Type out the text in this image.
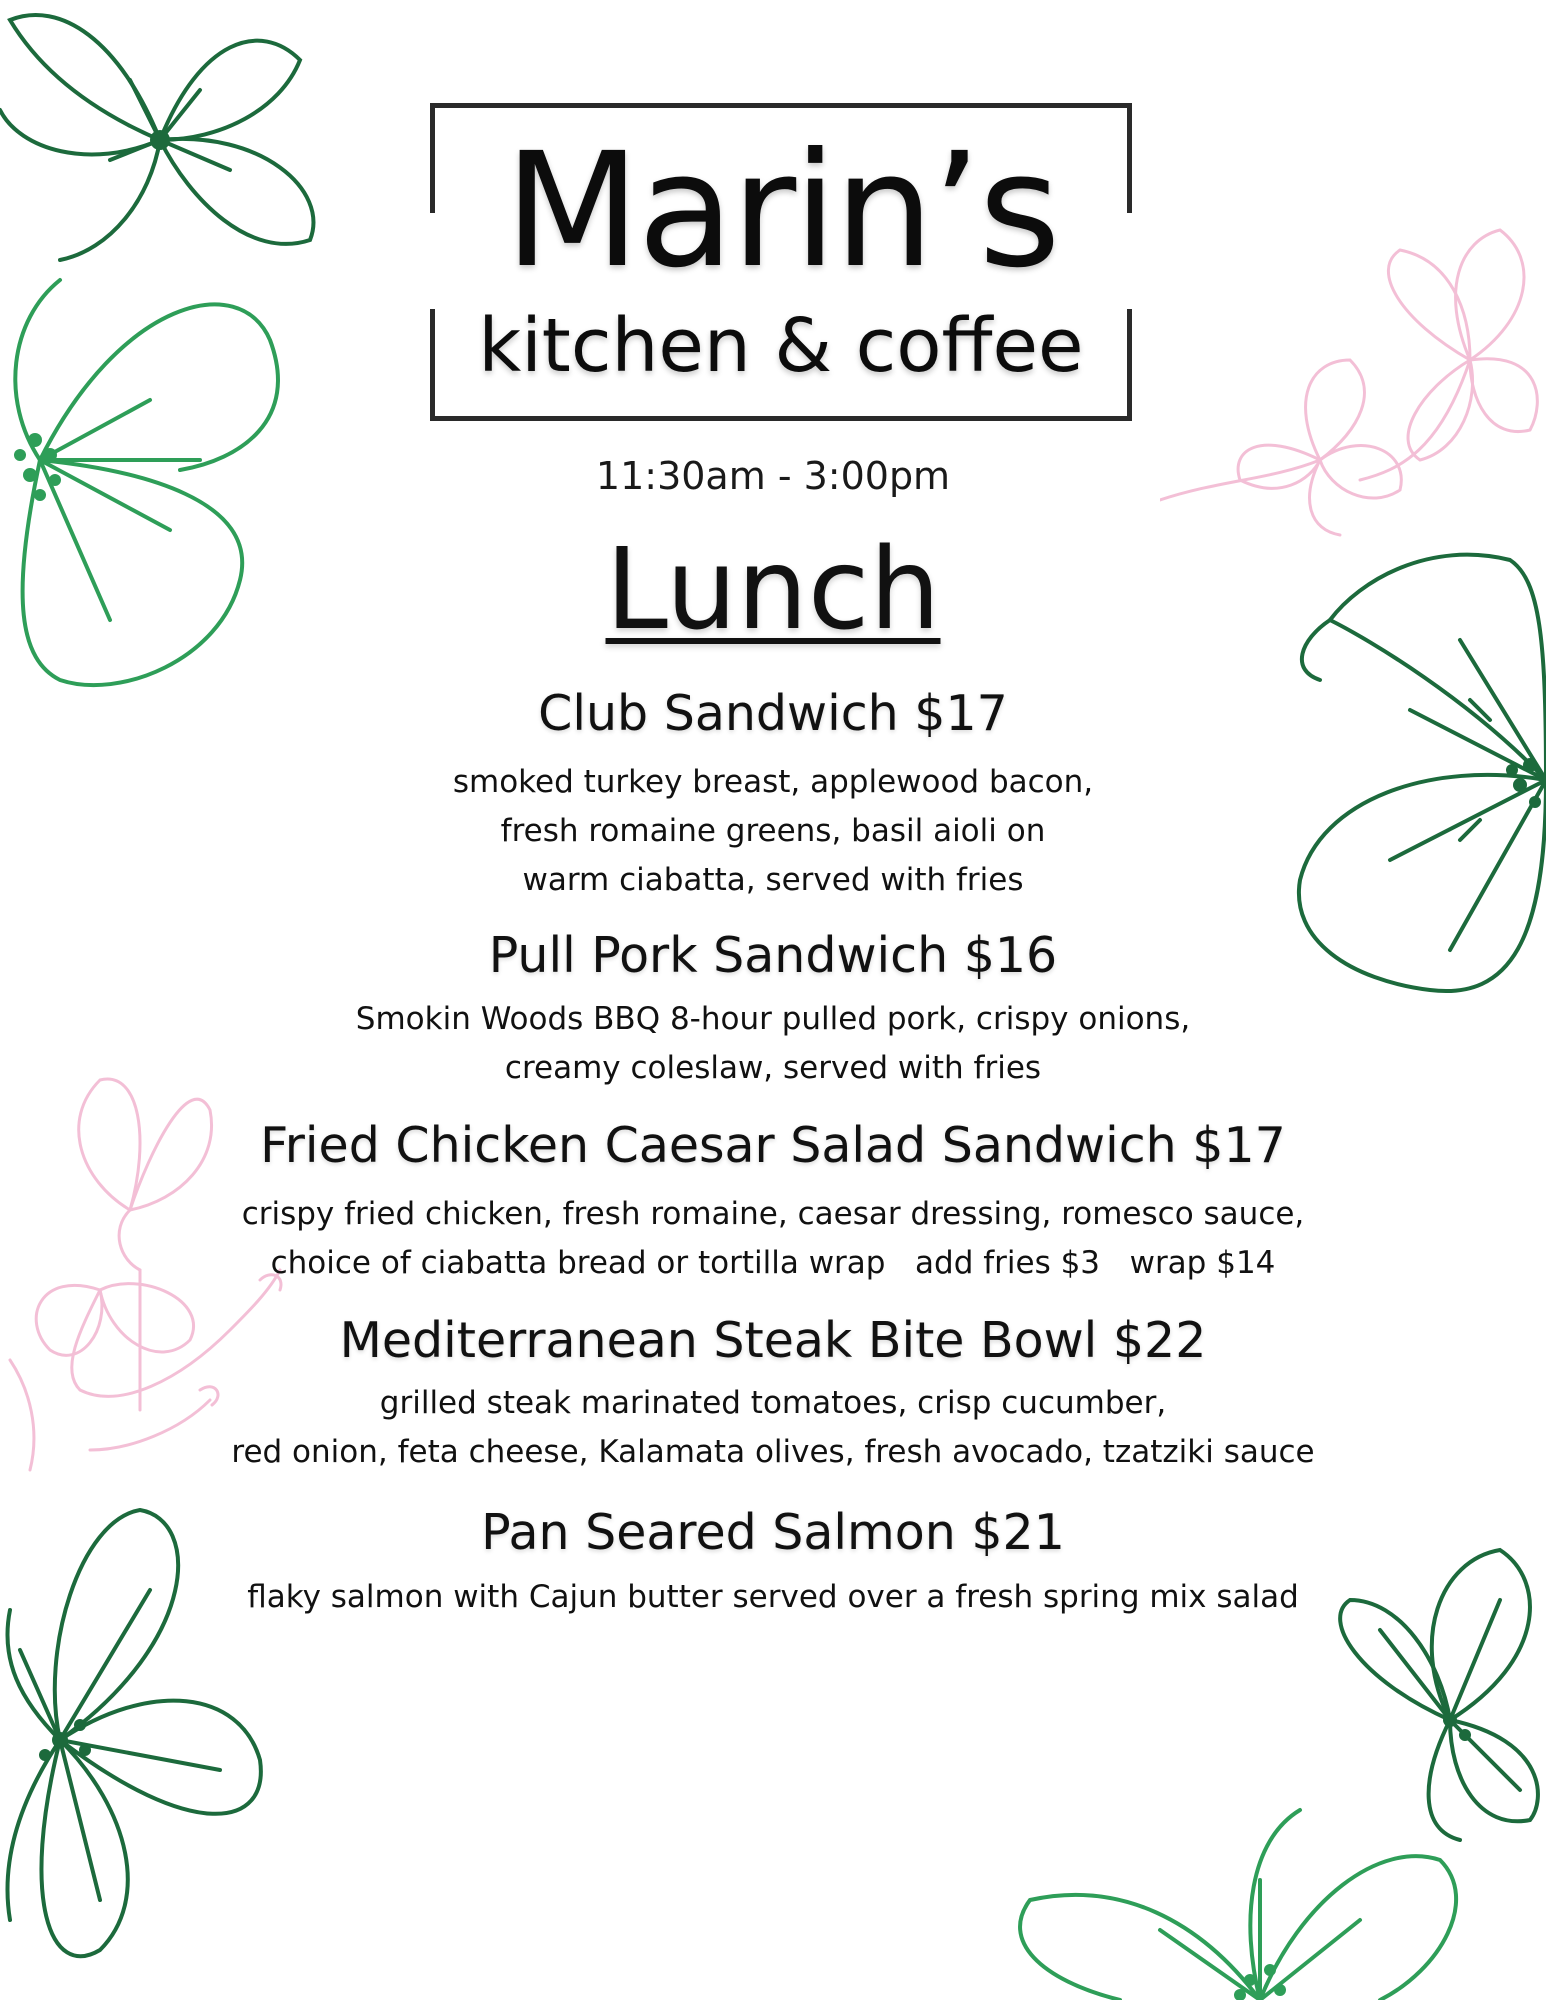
Marin’s
kitchen & coffee
11:30am - 3:00pm
Lunch
Club Sandwich $17
smoked turkey breast, applewood bacon,
fresh romaine greens, basil aioli on
warm ciabatta, served with fries
Pull Pork Sandwich $16
Smokin Woods BBQ 8-hour pulled pork, crispy onions,
creamy coleslaw, served with fries
Fried Chicken Caesar Salad Sandwich $17
crispy fried chicken, fresh romaine, caesar dressing, romesco sauce,
choice of ciabatta bread or tortilla wrap   add fries $3   wrap $14
Mediterranean Steak Bite Bowl $22
grilled steak marinated tomatoes, crisp cucumber,
red onion, feta cheese, Kalamata olives, fresh avocado, tzatziki sauce
Pan Seared Salmon $21
flaky salmon with Cajun butter served over a fresh spring mix salad
